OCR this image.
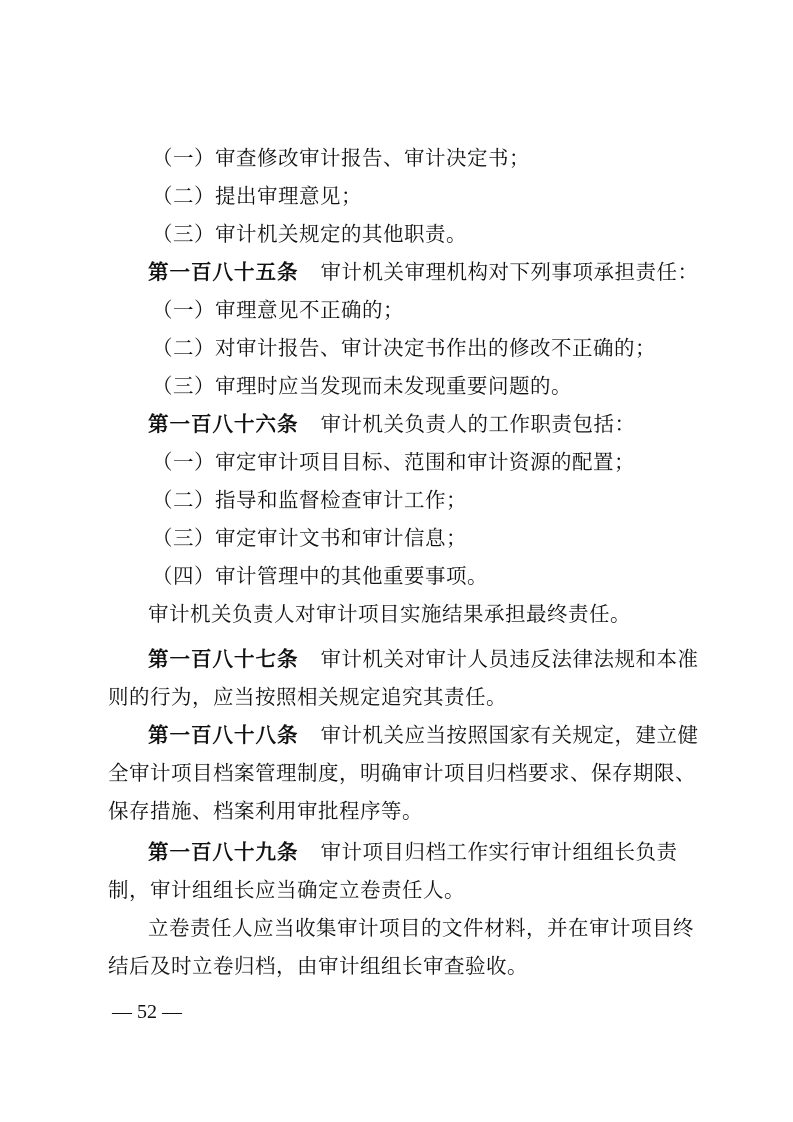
（一）审查修改审计报告、审计决定书；
（二）提出审理意见；
（三）审计机关规定的其他职责。
第一百八十五条 审计机关审理机构对下列事项承担责任：
（一）审理意见不正确的；
（二）对审计报告、审计决定书作出的修改不正确的；
（三）审理时应当发现而未发现重要问题的。
第一百八十六条 审计机关负责人的工作职责包括：
（一）审定审计项目目标、范围和审计资源的配置；
（二）指导和监督检查审计工作；
（三）审定审计文书和审计信息；
（四）审计管理中的其他重要事项。
审计机关负责人对审计项目实施结果承担最终责任。
第一百八十七条 审计机关对审计人员违反法律法规和本准
则的行为，应当按照相关规定追究其责任。
第一百八十八条 审计机关应当按照国家有关规定，建立健
全审计项目档案管理制度，明确审计项目归档要求、保存期限、
保存措施、档案利用审批程序等。
第一百八十九条 审计项目归档工作实行审计组组长负责
制，审计组组长应当确定立卷责任人。
立卷责任人应当收集审计项目的文件材料，并在审计项目终
结后及时立卷归档，由审计组组长审查验收。
— 52 —
